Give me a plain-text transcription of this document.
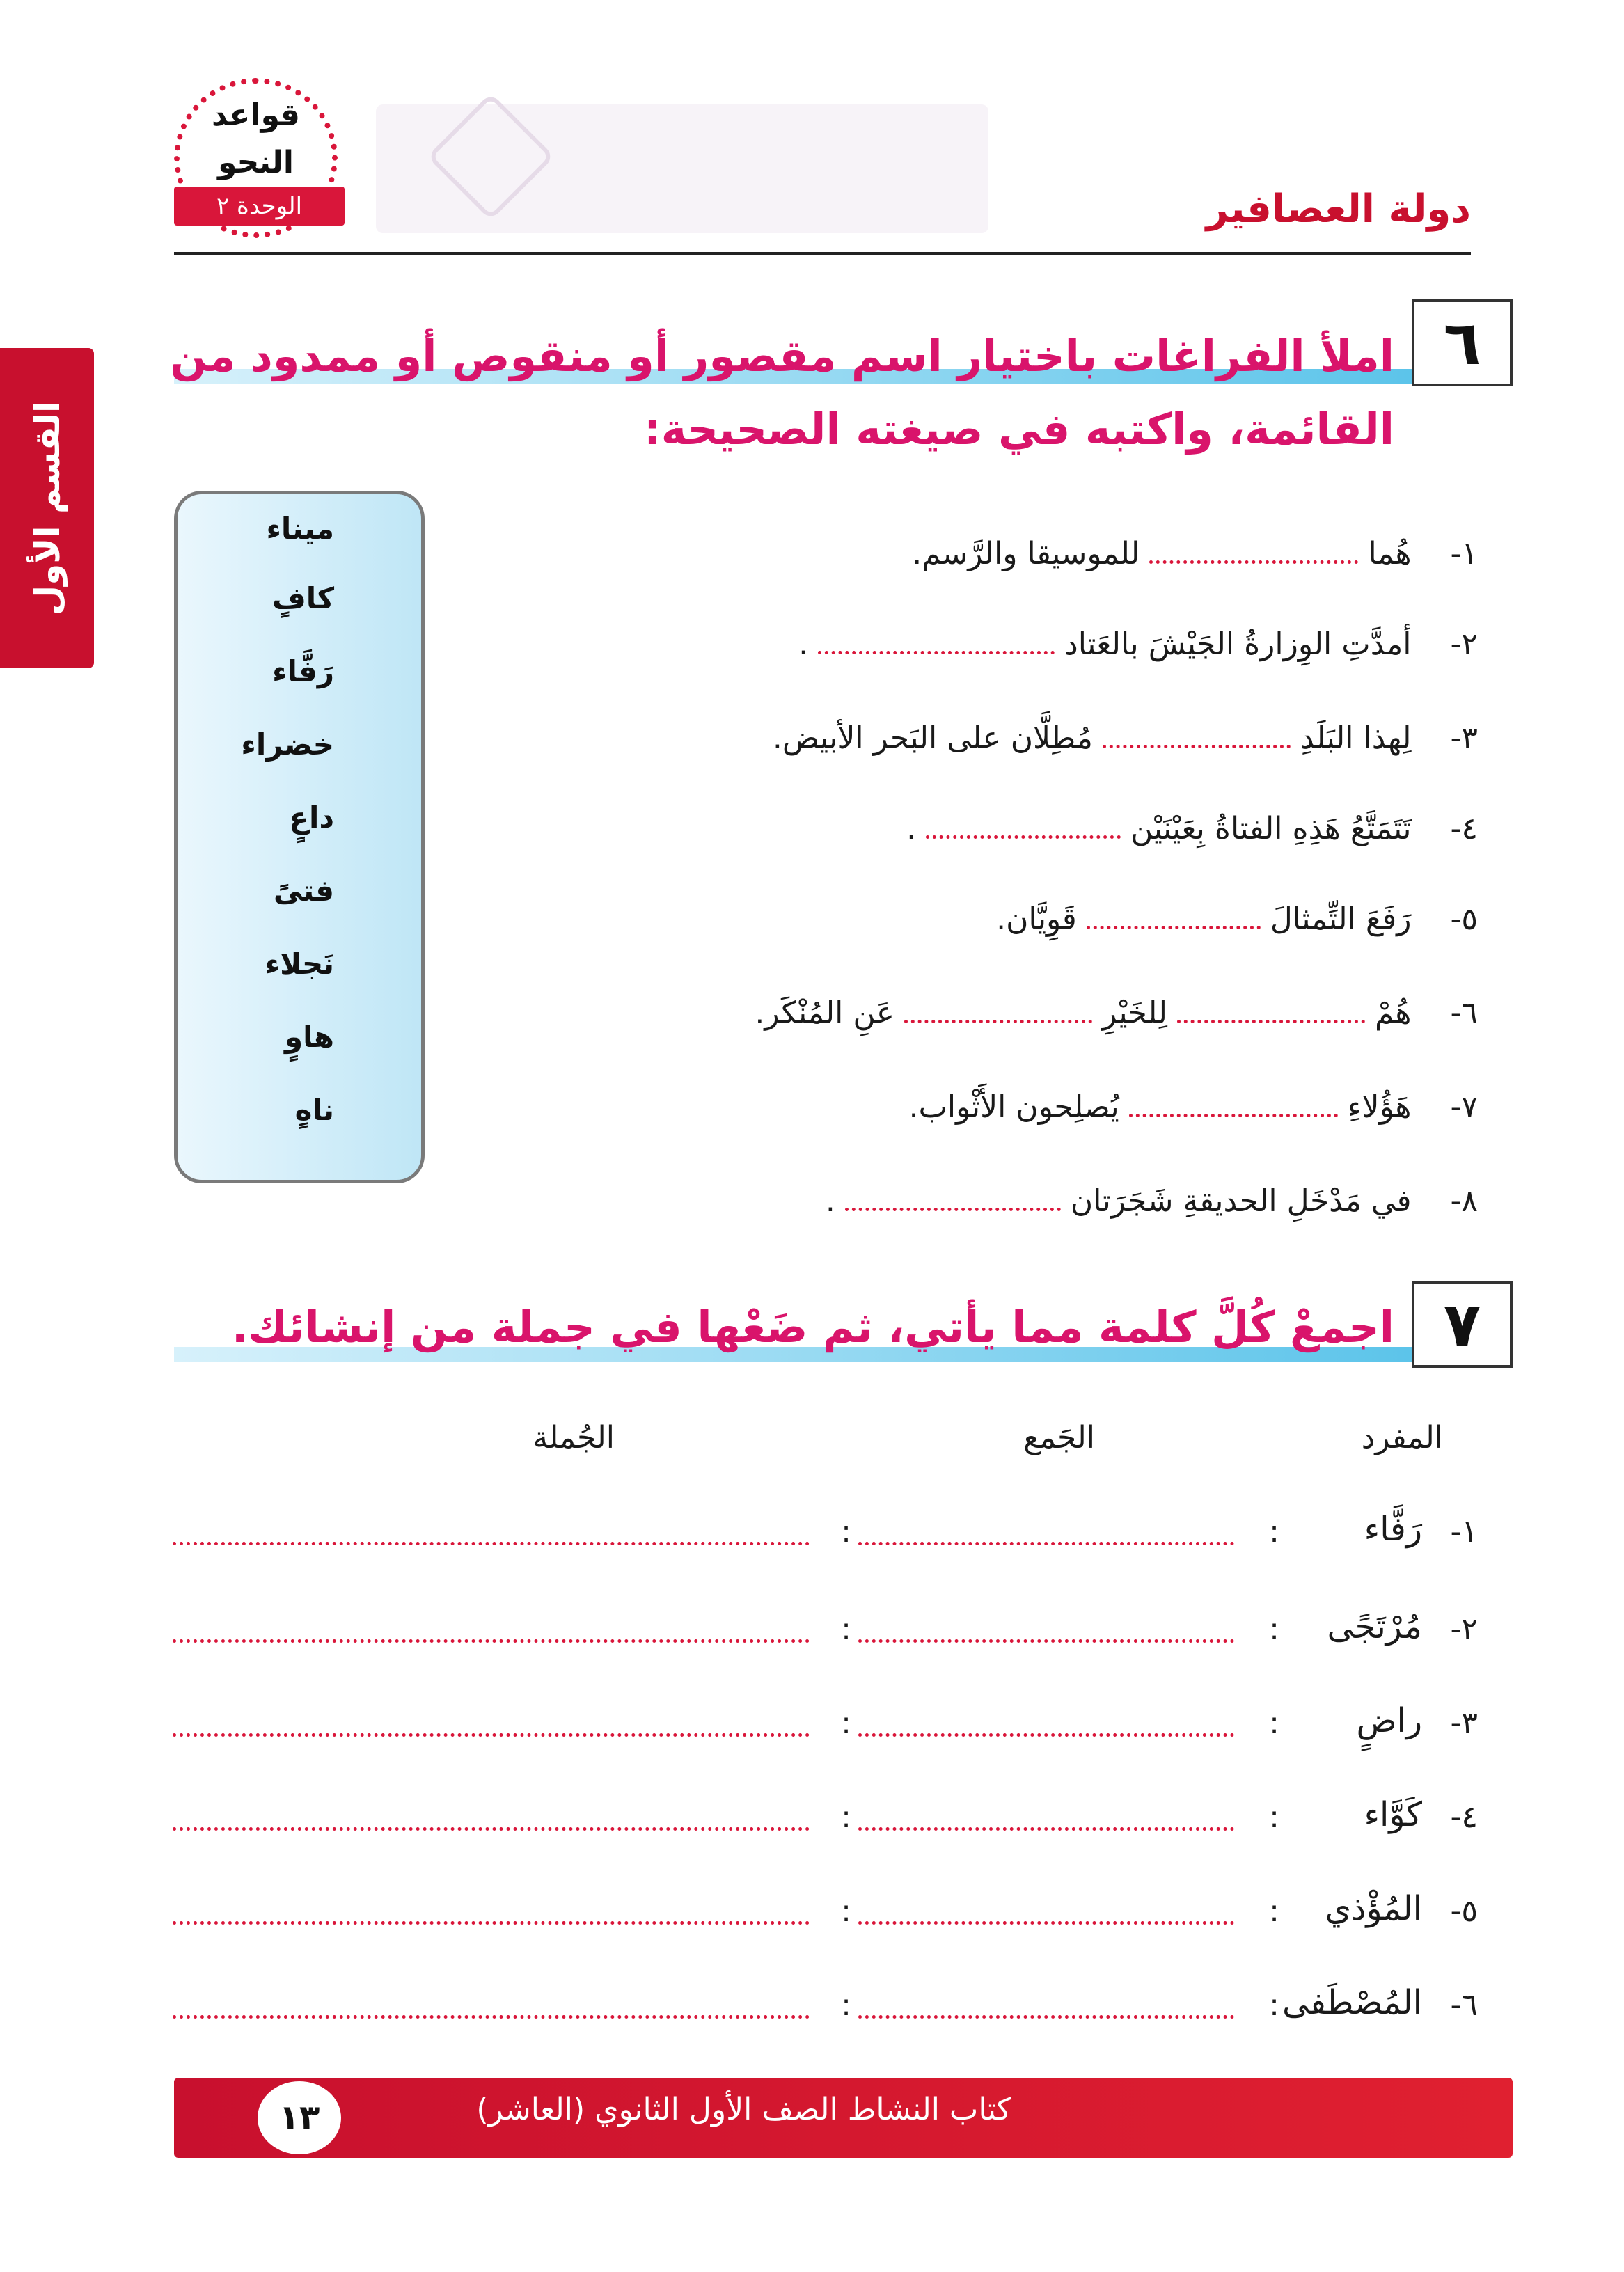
دولة العصافير
قواعد
النحو
الوحدة ٢
القسم الأول
٦
املأ الفراغات باختيار اسم مقصور أو منقوص أو ممدود من
القائمة، واكتبه في صيغته الصحيحة:
ميناء
كافٍ
رَفَّاء
خضراء
داعٍ
فتىً
نَجلاء
هاوٍ
ناهٍ
١-    هُما  للموسيقا والرَّسم.
٢-    أمدَّتِ الوِزارةُ الجَيْشَ بالعَتاد  .
٣-    لِهذا البَلَدِ  مُطِلَّان على البَحر الأبيض.
٤-    تَتَمَتَّعُ هَذِهِ الفتاةُ بِعَيْنَيْن  .
٥-    رَفَعَ التِّمثالَ  قَوِيَّان.
٦-    هُمْ  لِلخَيْرِ  عَنِ المُنْكَر.
٧-    هَؤُلاءِ  يُصلِحون الأَثْواب.
٨-    في مَدْخَلِ الحديقةِ شَجَرَتان  .
٧
اجمعْ كُلَّ كلمة مما يأتي، ثم ضَعْها في جملة من إنشائك.
المفرد
الجَمع
الجُملة
١-
رَفَّاء
:
:
٢-
مُرْتَجًى
:
:
٣-
راضٍ
:
:
٤-
كَوَّاء
:
:
٥-
المُؤْذي
:
:
٦-
المُصْطَفى
:
:
كتاب النشاط الصف الأول الثانوي (العاشر)
١٣
